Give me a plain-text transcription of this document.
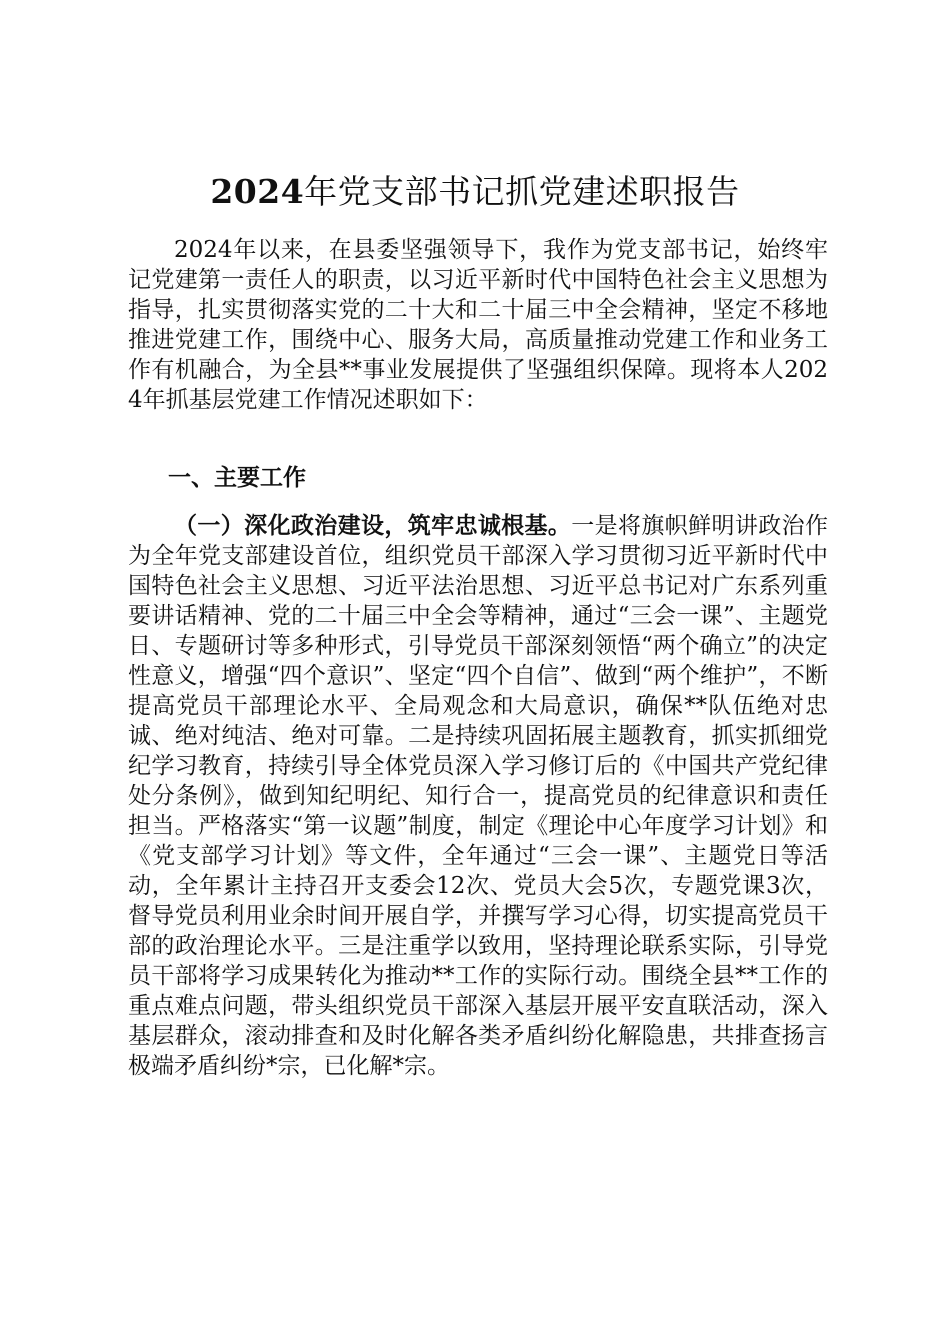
2024年党支部书记抓党建述职报告

2024年以来，在县委坚强领导下，我作为党支部书记，始终牢记党建第一责任人的职责，以习近平新时代中国特色社会主义思想为指导，扎实贯彻落实党的二十大和二十届三中全会精神，坚定不移地推进党建工作，围绕中心、服务大局，高质量推动党建工作和业务工作有机融合，为全县**事业发展提供了坚强组织保障。现将本人2024年抓基层党建工作情况述职如下：

一、主要工作

（一）深化政治建设，筑牢忠诚根基。一是将旗帜鲜明讲政治作为全年党支部建设首位，组织党员干部深入学习贯彻习近平新时代中国特色社会主义思想、习近平法治思想、习近平总书记对广东系列重要讲话精神、党的二十届三中全会等精神，通过“三会一课”、主题党日、专题研讨等多种形式，引导党员干部深刻领悟“两个确立”的决定性意义，增强“四个意识”、坚定“四个自信”、做到“两个维护”，不断提高党员干部理论水平、全局观念和大局意识，确保**队伍绝对忠诚、绝对纯洁、绝对可靠。二是持续巩固拓展主题教育，抓实抓细党纪学习教育，持续引导全体党员深入学习修订后的《中国共产党纪律处分条例》，做到知纪明纪、知行合一，提高党员的纪律意识和责任担当。严格落实“第一议题”制度，制定《理论中心年度学习计划》和《党支部学习计划》等文件，全年通过“三会一课”、主题党日等活动，全年累计主持召开支委会12次、党员大会5次，专题党课3次，督导党员利用业余时间开展自学，并撰写学习心得，切实提高党员干部的政治理论水平。三是注重学以致用，坚持理论联系实际，引导党员干部将学习成果转化为推动**工作的实际行动。围绕全县**工作的重点难点问题，带头组织党员干部深入基层开展平安直联活动，深入基层群众，滚动排查和及时化解各类矛盾纠纷化解隐患，共排查扬言极端矛盾纠纷*宗，已化解*宗。
